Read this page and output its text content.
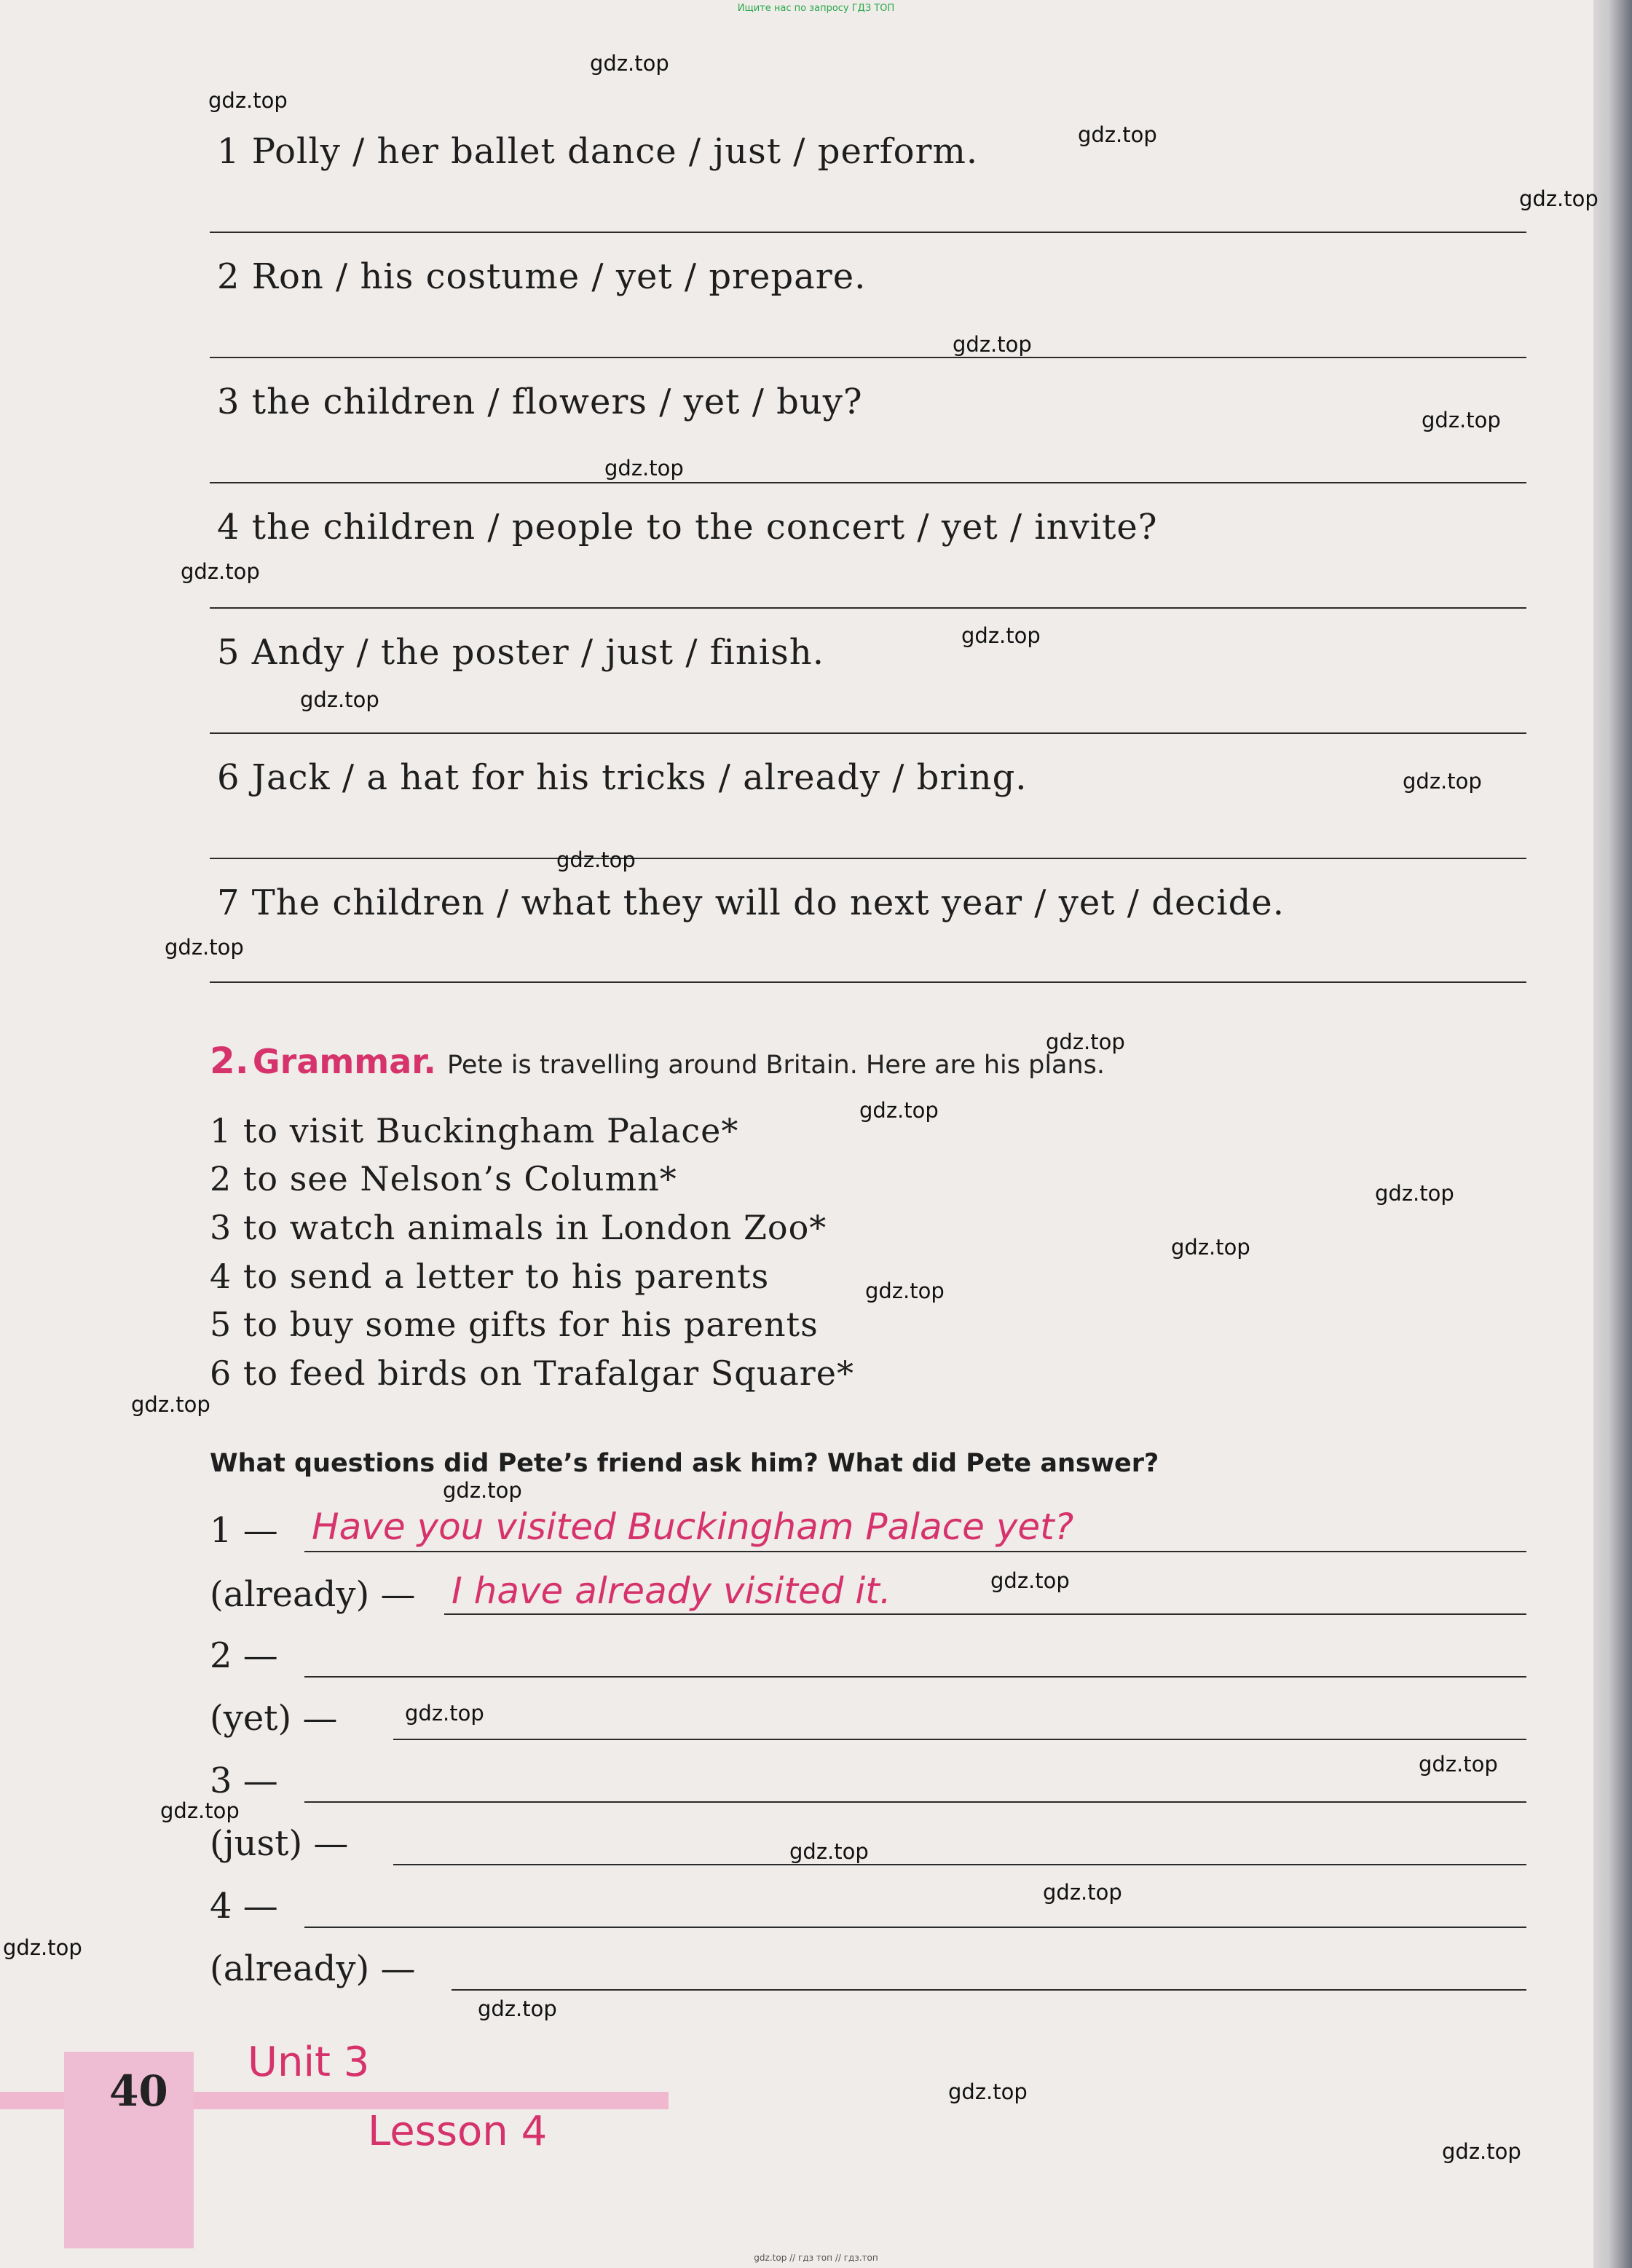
Ищите нас по запросу ГДЗ ТОП
1 Polly / her ballet dance / just / perform.
2 Ron / his costume / yet / prepare.
3 the children / flowers / yet / buy?
4 the children / people to the concert / yet / invite?
5 Andy / the poster / just / finish.
6 Jack / a hat for his tricks / already / bring.
7 The children / what they will do next year / yet / decide.
2. Grammar. Pete is travelling around Britain. Here are his plans.
1 to visit Buckingham Palace*
2 to see Nelson’s Column*
3 to watch animals in London Zoo*
4 to send a letter to his parents
5 to buy some gifts for his parents
6 to feed birds on Trafalgar Square*
What questions did Pete’s friend ask him? What did Pete answer?
1 — Have you visited Buckingham Palace yet?
(already) — I have already visited it.
2 —
(yet) —
3 —
(just) —
4 —
(already) —
40
Unit 3
Lesson 4
gdz.top
gdz.top
gdz.top
gdz.top
gdz.top
gdz.top
gdz.top
gdz.top
gdz.top
gdz.top
gdz.top
gdz.top
gdz.top
gdz.top
gdz.top
gdz.top
gdz.top
gdz.top
gdz.top
gdz.top
gdz.top
gdz.top
gdz.top
gdz.top
gdz.top
gdz.top
gdz.top
gdz.top
gdz.top
gdz.top
gdz.top // гдз топ // гдз.топ
